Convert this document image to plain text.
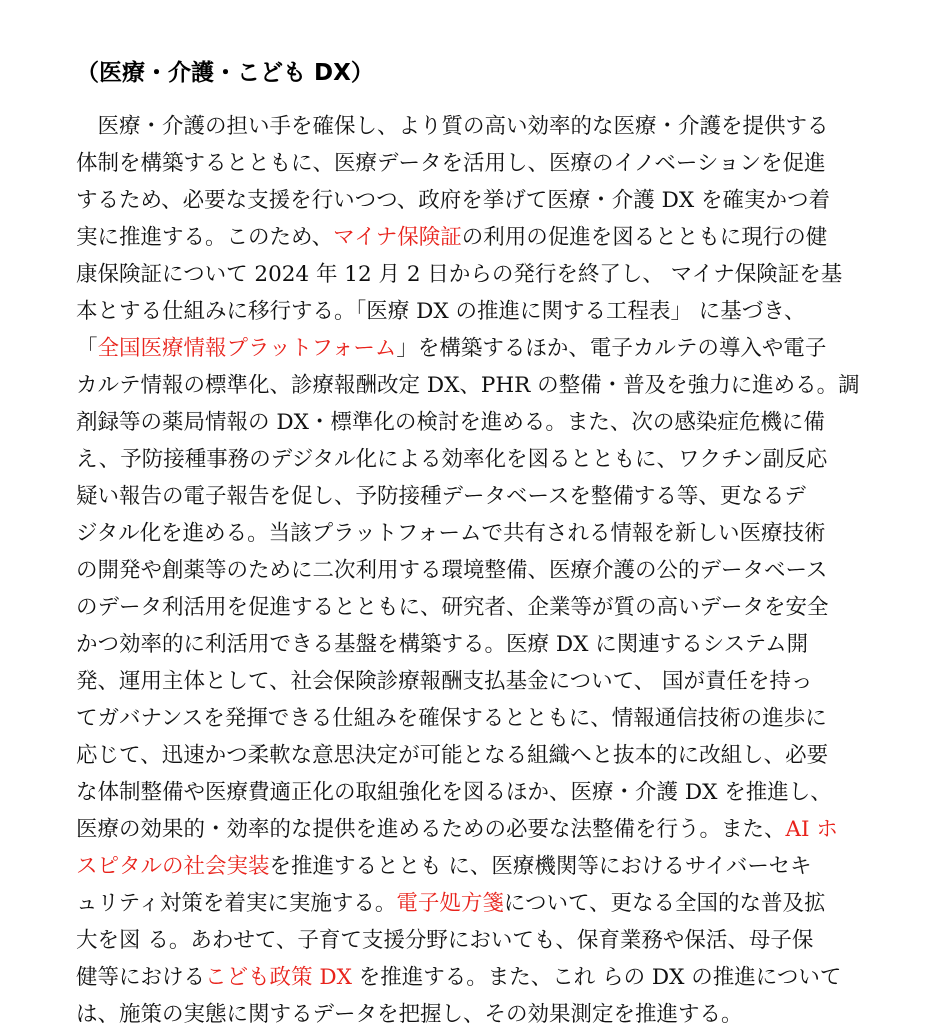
（医療・介護・こども DX）
　医療・介護の担い手を確保し、より質の高い効率的な医療・介護を提供する
体制を構築するとともに、医療データを活用し、医療のイノベーションを促進
するため、必要な支援を行いつつ、政府を挙げて医療・介護 DX を確実かつ着
実に推進する。このため、マイナ保険証の利用の促進を図るとともに現行の健
康保険証について 2024 年 12 月 2 日からの発行を終了し、 マイナ保険証を基
本とする仕組みに移行する。「医療 DX の推進に関する工程表」 に基づき、
「全国医療情報プラットフォーム」を構築するほか、電子カルテの導入や電子
カルテ情報の標準化、診療報酬改定 DX、PHR の整備・普及を強力に進める。調
剤録等の薬局情報の DX・標準化の検討を進める。また、次の感染症危機に備
え、予防接種事務のデジタル化による効率化を図るとともに、ワクチン副反応
疑い報告の電子報告を促し、予防接種データベースを整備する等、更なるデ
ジタル化を進める。当該プラットフォームで共有される情報を新しい医療技術
の開発や創薬等のために二次利用する環境整備、医療介護の公的データベース
のデータ利活用を促進するとともに、研究者、企業等が質の高いデータを安全
かつ効率的に利活用できる基盤を構築する。医療 DX に関連するシステム開
発、運用主体として、社会保険診療報酬支払基金について、 国が責任を持っ
てガバナンスを発揮できる仕組みを確保するとともに、情報通信技術の進歩に
応じて、迅速かつ柔軟な意思決定が可能となる組織へと抜本的に改組し、必要
な体制整備や医療費適正化の取組強化を図るほか、医療・介護 DX を推進し、
医療の効果的・効率的な提供を進めるための必要な法整備を行う。また、AI ホ
スピタルの社会実装を推進するととも に、医療機関等におけるサイバーセキ
ュリティ対策を着実に実施する。電子処方箋について、更なる全国的な普及拡
大を図 る。あわせて、子育て支援分野においても、保育業務や保活、母子保
健等におけるこども政策 DX を推進する。また、これ らの DX の推進について
は、施策の実態に関するデータを把握し、その効果測定を推進する。
